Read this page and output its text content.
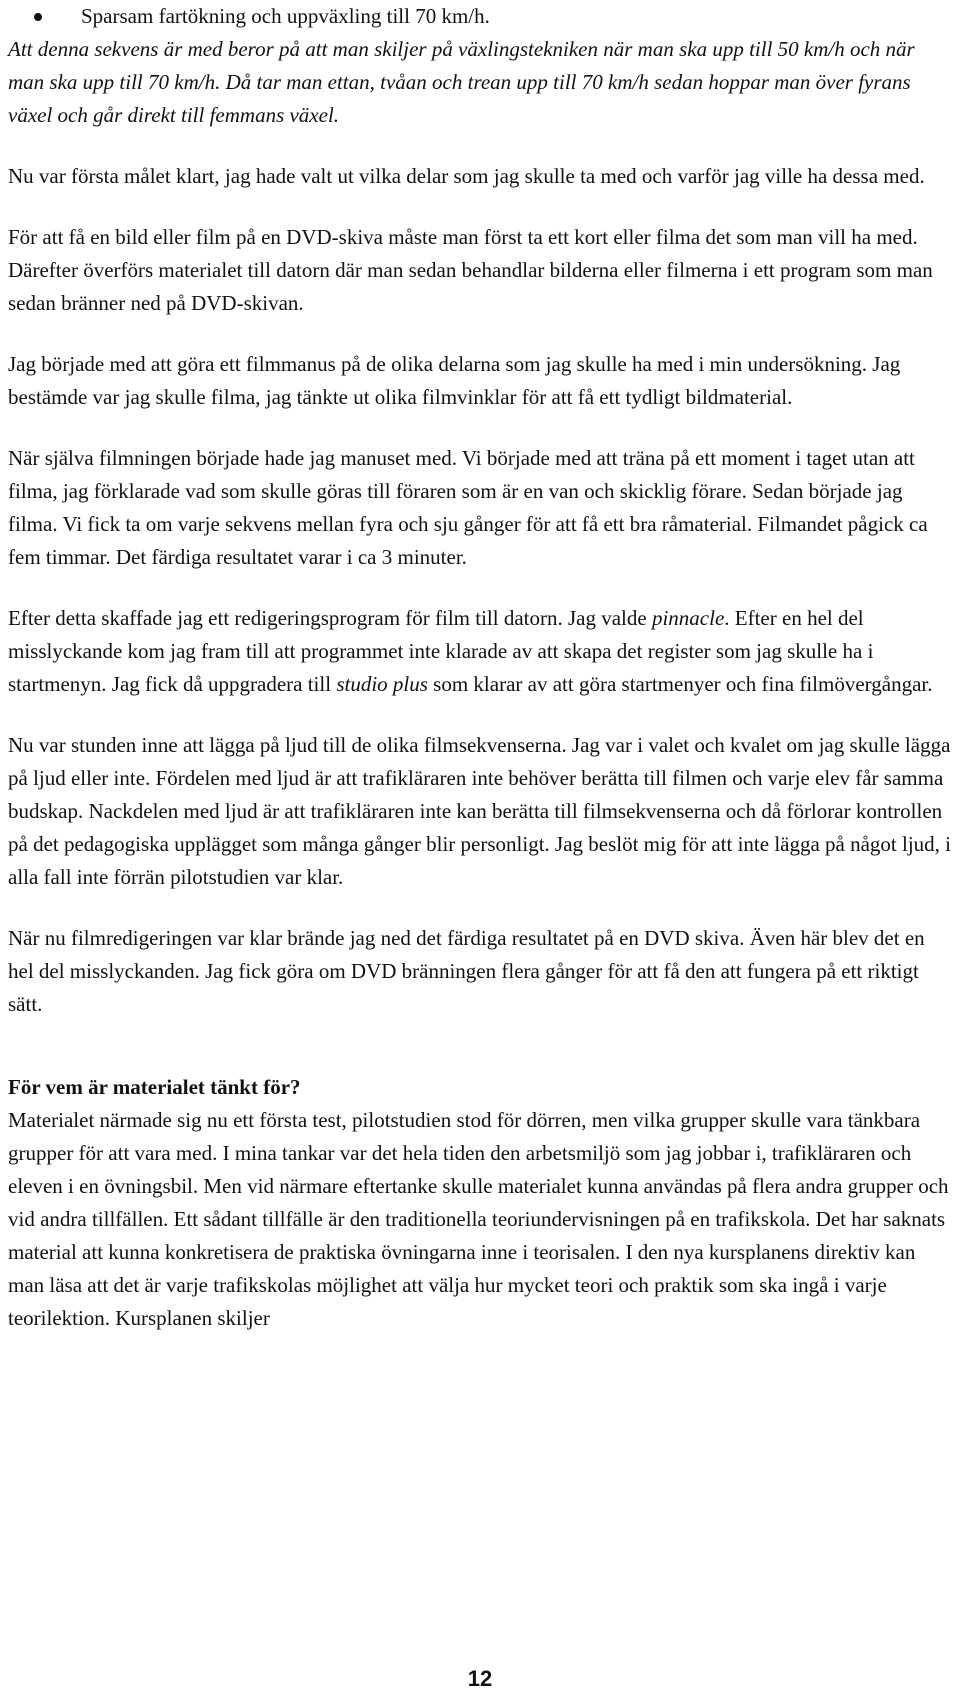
Sparsam fartökning och uppväxling till 70 km/h.

Att denna sekvens är med beror på att man skiljer på växlingstekniken när man ska upp till 50 km/h och när man ska upp till 70 km/h. Då tar man ettan, tvåan och trean upp till 70 km/h sedan hoppar man över fyrans växel och går direkt till femmans växel.

Nu var första målet klart, jag hade valt ut vilka delar som jag skulle ta med och varför jag ville ha dessa med.

För att få en bild eller film på en DVD-skiva måste man först ta ett kort eller filma det som man vill ha med. Därefter överförs materialet till datorn där man sedan behandlar bilderna eller filmerna i ett program som man sedan bränner ned på DVD-skivan.

Jag började med att göra ett filmmanus på de olika delarna som jag skulle ha med i min undersökning. Jag bestämde var jag skulle filma, jag tänkte ut olika filmvinklar för att få ett tydligt bildmaterial.

När själva filmningen började hade jag manuset med. Vi började med att träna på ett moment i taget utan att filma, jag förklarade vad som skulle göras till föraren som är en van och skicklig förare. Sedan började jag filma. Vi fick ta om varje sekvens mellan fyra och sju gånger för att få ett bra råmaterial. Filmandet pågick ca fem timmar. Det färdiga resultatet varar i ca 3 minuter.

Efter detta skaffade jag ett redigeringsprogram för film till datorn. Jag valde pinnacle. Efter en hel del misslyckande kom jag fram till att programmet inte klarade av att skapa det register som jag skulle ha i startmenyn. Jag fick då uppgradera till studio plus som klarar av att göra startmenyer och fina filmövergångar.

Nu var stunden inne att lägga på ljud till de olika filmsekvenserna. Jag var i valet och kvalet om jag skulle lägga på ljud eller inte. Fördelen med ljud är att trafikläraren inte behöver berätta till filmen och varje elev får samma budskap. Nackdelen med ljud är att trafikläraren inte kan berätta till filmsekvenserna och då förlorar kontrollen på det pedagogiska upplägget som många gånger blir personligt. Jag beslöt mig för att inte lägga på något ljud, i alla fall inte förrän pilotstudien var klar.

När nu filmredigeringen var klar brände jag ned det färdiga resultatet på en DVD skiva. Även här blev det en hel del misslyckanden. Jag fick göra om DVD bränningen flera gånger för att få den att fungera på ett riktigt sätt.

För vem är materialet tänkt för?

Materialet närmade sig nu ett första test, pilotstudien stod för dörren, men vilka grupper skulle vara tänkbara grupper för att vara med. I mina tankar var det hela tiden den arbetsmiljö som jag jobbar i, trafikläraren och eleven i en övningsbil. Men vid närmare eftertanke skulle materialet kunna användas på flera andra grupper och vid andra tillfällen. Ett sådant tillfälle är den traditionella teoriundervisningen på en trafikskola. Det har saknats material att kunna konkretisera de praktiska övningarna inne i teorisalen. I den nya kursplanens direktiv kan man läsa att det är varje trafikskolas möjlighet att välja hur mycket teori och praktik som ska ingå i varje teorilektion. Kursplanen skiljer

12
